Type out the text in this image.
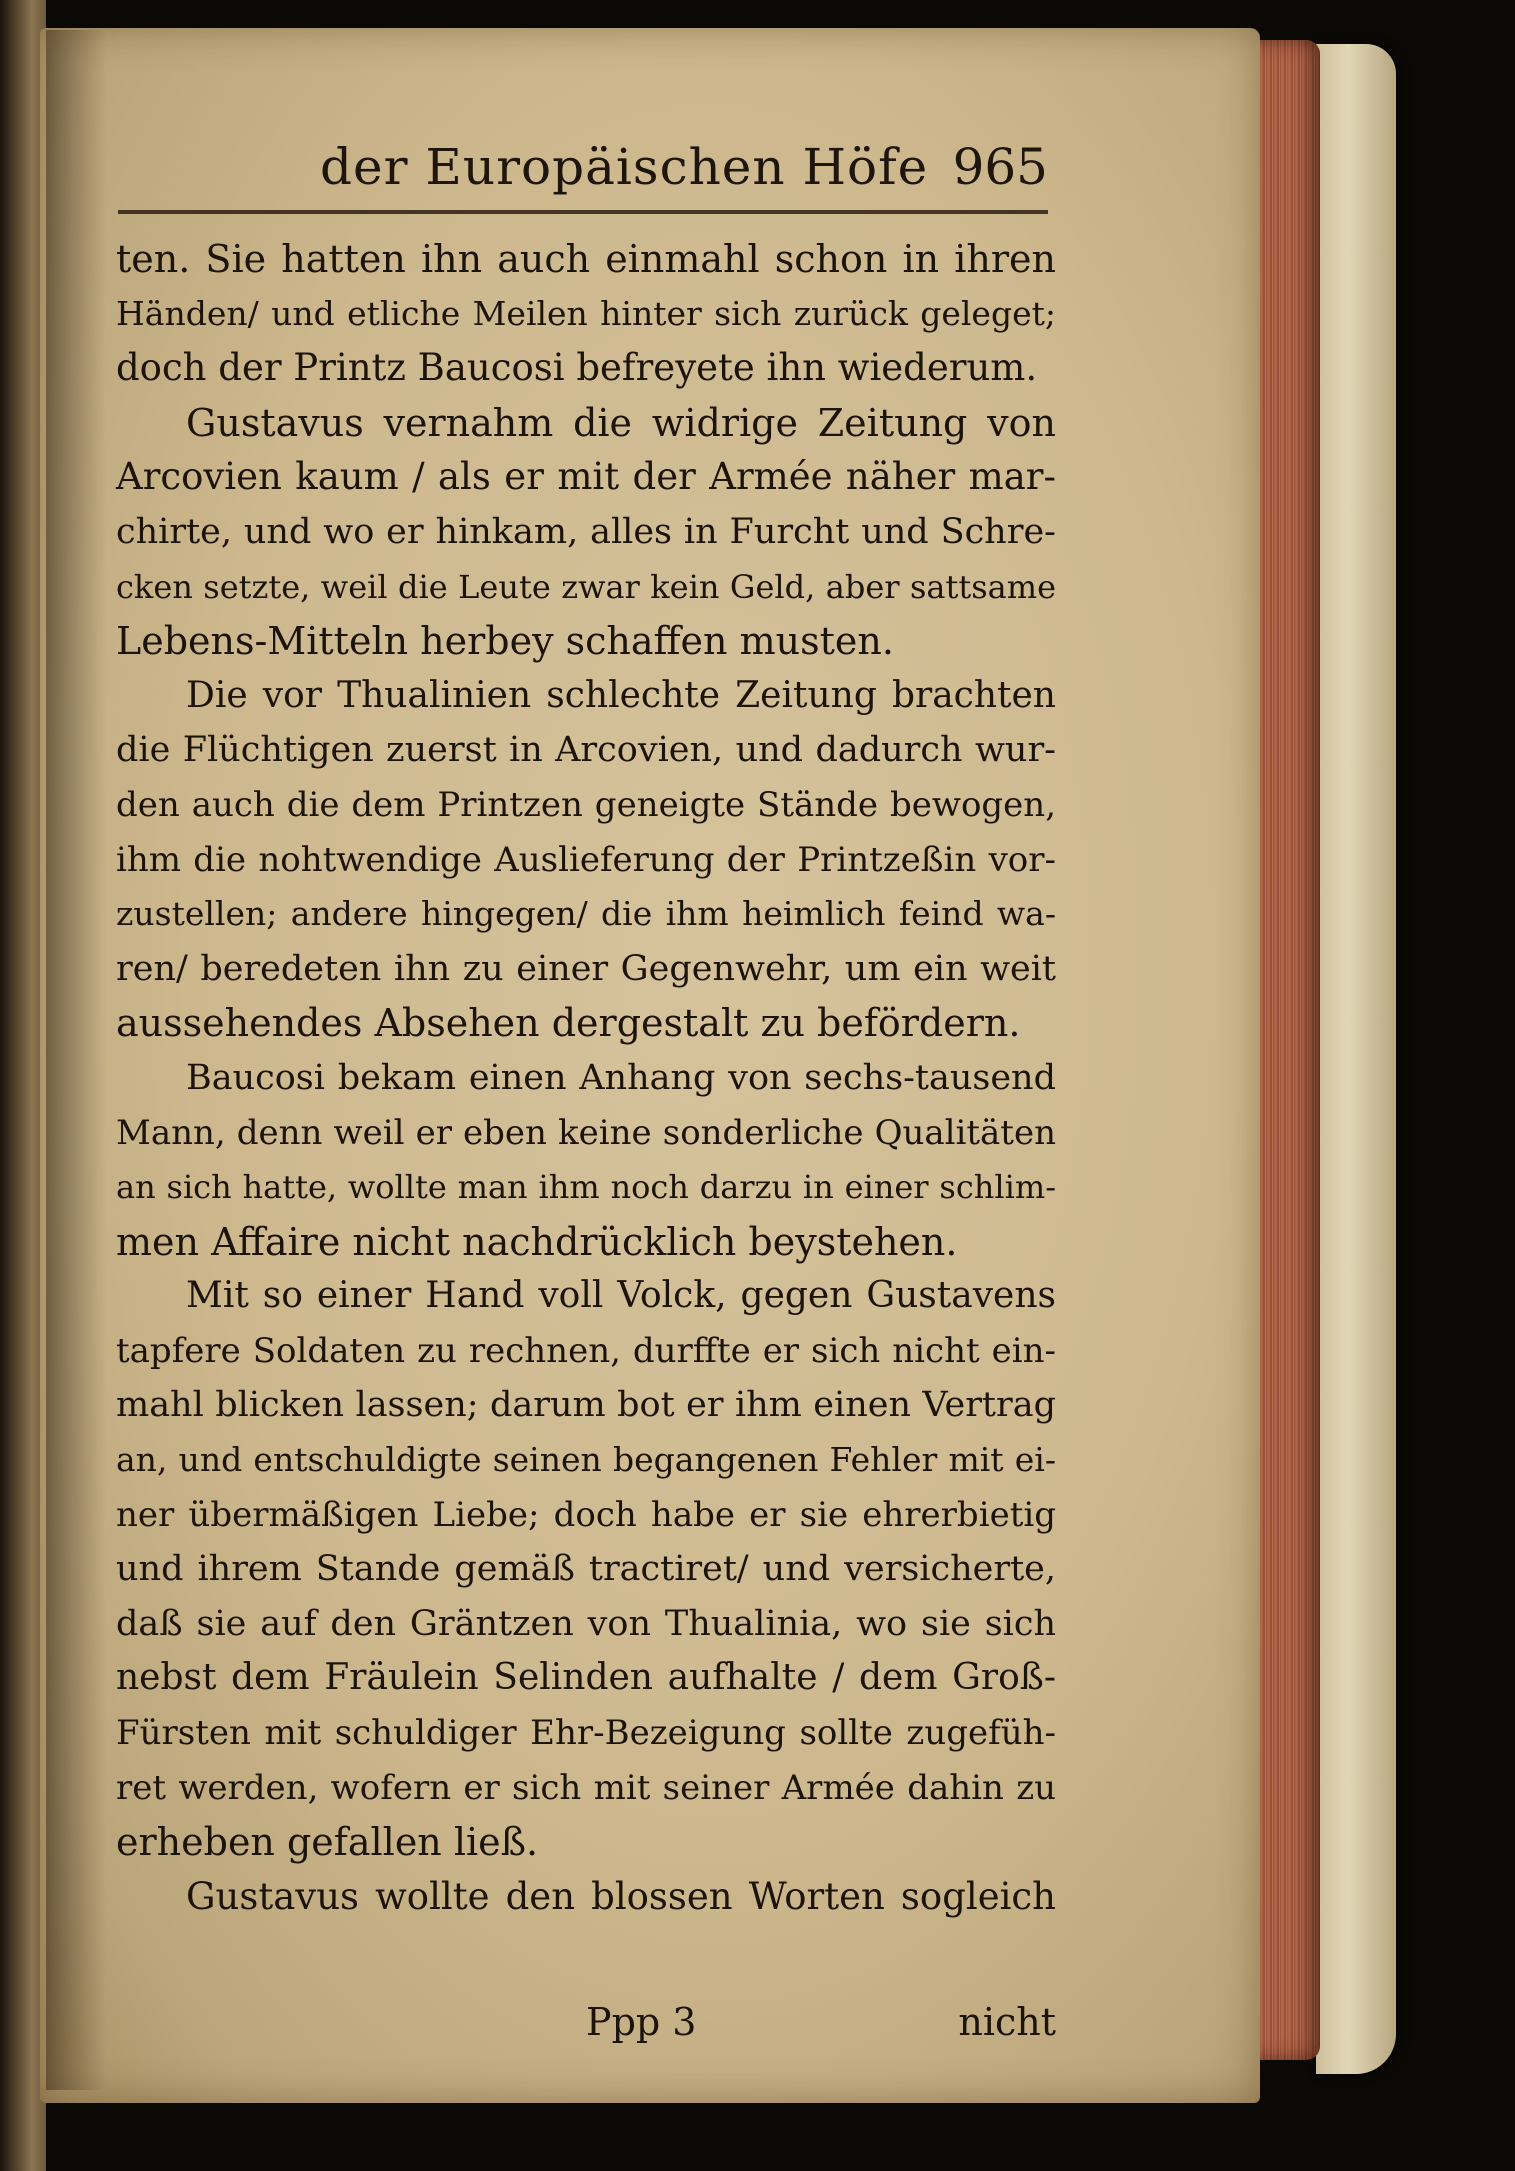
der Europäischen Höfe 965
ten. Sie hatten ihn auch einmahl schon in ihren
Händen/ und etliche Meilen hinter sich zurück geleget;
doch der Printz Baucosi befreyete ihn wiederum.
Gustavus vernahm die widrige Zeitung von
Arcovien kaum / als er mit der Armée näher mar-
chirte, und wo er hinkam, alles in Furcht und Schre-
cken setzte, weil die Leute zwar kein Geld, aber sattsame
Lebens-Mitteln herbey schaffen musten.
Die vor Thualinien schlechte Zeitung brachten
die Flüchtigen zuerst in Arcovien, und dadurch wur-
den auch die dem Printzen geneigte Stände bewogen,
ihm die nohtwendige Auslieferung der Printzeßin vor-
zustellen; andere hingegen/ die ihm heimlich feind wa-
ren/ beredeten ihn zu einer Gegenwehr, um ein weit
aussehendes Absehen dergestalt zu befördern.
Baucosi bekam einen Anhang von sechs-tausend
Mann, denn weil er eben keine sonderliche Qualitäten
an sich hatte, wollte man ihm noch darzu in einer schlim-
men Affaire nicht nachdrücklich beystehen.
Mit so einer Hand voll Volck, gegen Gustavens
tapfere Soldaten zu rechnen, durffte er sich nicht ein-
mahl blicken lassen; darum bot er ihm einen Vertrag
an, und entschuldigte seinen begangenen Fehler mit ei-
ner übermäßigen Liebe; doch habe er sie ehrerbietig
und ihrem Stande gemäß tractiret/ und versicherte,
daß sie auf den Gräntzen von Thualinia, wo sie sich
nebst dem Fräulein Selinden aufhalte / dem Groß-
Fürsten mit schuldiger Ehr-Bezeigung sollte zugefüh-
ret werden, wofern er sich mit seiner Armée dahin zu
erheben gefallen ließ.
Gustavus wollte den blossen Worten sogleich
Ppp 3	nicht
